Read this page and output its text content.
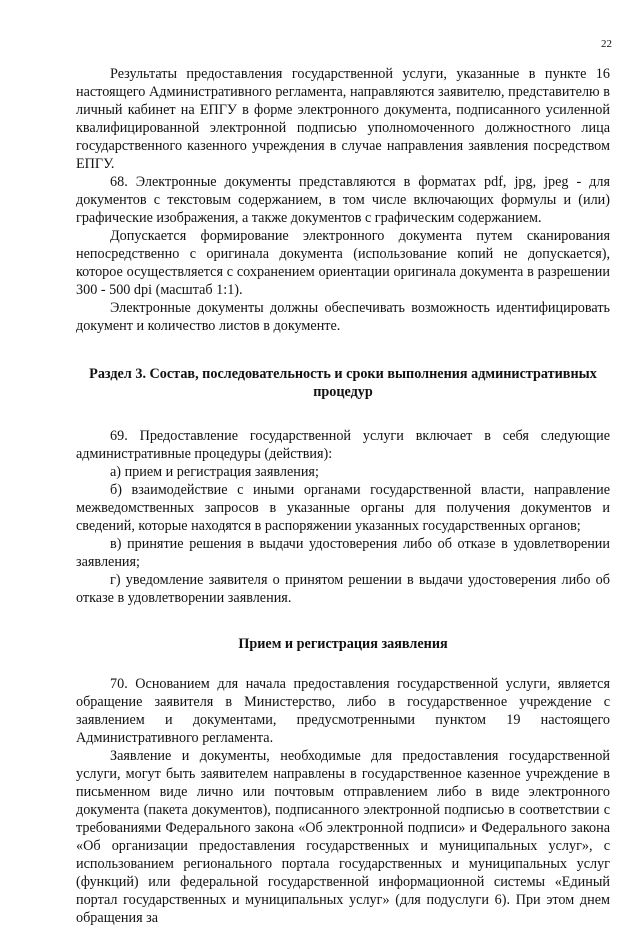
22

Результаты предоставления государственной услуги, указанные в пункте 16 настоящего Административного регламента, направляются заявителю, представителю в личный кабинет на ЕПГУ в форме электронного документа, подписанного усиленной квалифицированной электронной подписью уполномоченного должностного лица государственного казенного учреждения в случае направления заявления посредством ЕПГУ.

68. Электронные документы представляются в форматах pdf, jpg, jpeg - для документов с текстовым содержанием, в том числе включающих формулы и (или) графические изображения, а также документов с графическим содержанием.

Допускается формирование электронного документа путем сканирования непосредственно с оригинала документа (использование копий не допускается), которое осуществляется с сохранением ориентации оригинала документа в разрешении 300 - 500 dpi (масштаб 1:1).

Электронные документы должны обеспечивать возможность идентифицировать документ и количество листов в документе.

Раздел 3. Состав, последовательность и сроки выполнения административных процедур

69. Предоставление государственной услуги включает в себя следующие административные процедуры (действия):

а) прием и регистрация заявления;

б) взаимодействие с иными органами государственной власти, направление межведомственных запросов в указанные органы для получения документов и сведений, которые находятся в распоряжении указанных государственных органов;

в) принятие решения в выдачи удостоверения либо об отказе в удовлетворении заявления;

г) уведомление заявителя о принятом решении в выдачи удостоверения либо об отказе в удовлетворении заявления.

Прием и регистрация заявления

70. Основанием для начала предоставления государственной услуги, является обращение заявителя в Министерство, либо в государственное учреждение с заявлением и документами, предусмотренными пунктом 19 настоящего Административного регламента.

Заявление и документы, необходимые для предоставления государственной услуги, могут быть заявителем направлены в государственное казенное учреждение в письменном виде лично или почтовым отправлением либо в виде электронного документа (пакета документов), подписанного электронной подписью в соответствии с требованиями Федерального закона «Об электронной подписи» и Федерального закона «Об организации предоставления государственных и муниципальных услуг», с использованием регионального портала государственных и муниципальных услуг (функций) или федеральной государственной информационной системы «Единый портал государственных и муниципальных услуг» (для подуслуги 6). При этом днем обращения за
